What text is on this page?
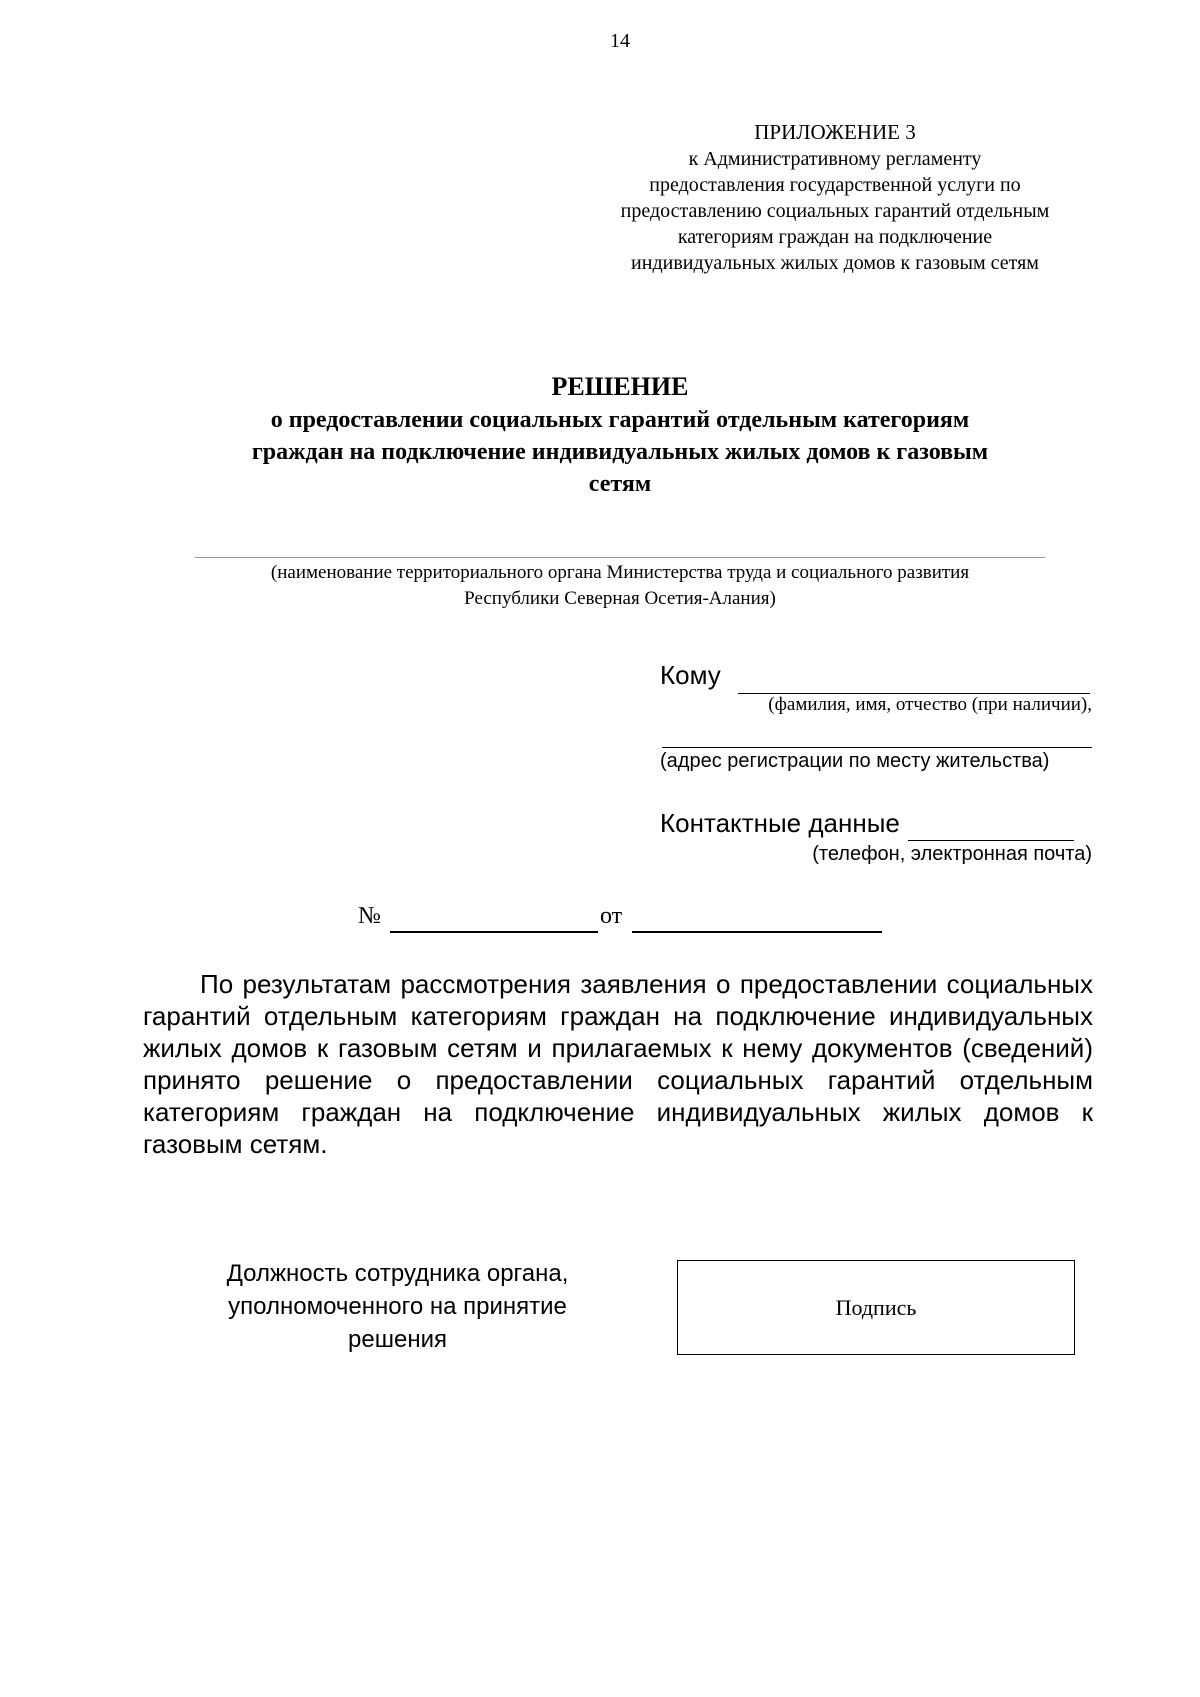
14
ПРИЛОЖЕНИЕ 3
к Административному регламенту
предоставления государственной услуги по
предоставлению социальных гарантий отдельным
категориям граждан на подключение
индивидуальных жилых домов к газовым сетям
РЕШЕНИЕ
о предоставлении социальных гарантий отдельным категориям
граждан на подключение индивидуальных жилых домов к газовым
сетям
(наименование территориального органа Министерства труда и социального развития
Республики Северная Осетия-Алания)
Кому
(фамилия, имя, отчество (при наличии),
(адрес регистрации по месту жительства)
Контактные данные
(телефон, электронная почта)
№	от

По результатам рассмотрения заявления о предоставлении социальных гарантий отдельным категориям граждан на подключение индивидуальных жилых домов к газовым сетям и прилагаемых к нему документов (сведений) принято решение о предоставлении социальных гарантий отдельным категориям граждан на подключение индивидуальных жилых домов к газовым сетям.

Должность сотрудника органа,
уполномоченного на принятие
решения
Подпись
